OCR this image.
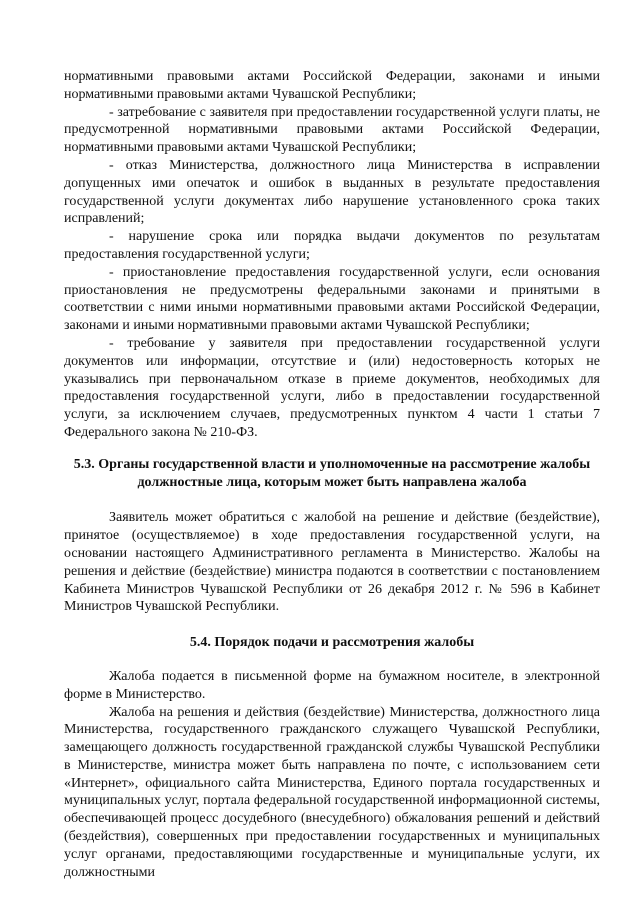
нормативными правовыми актами Российской Федерации, законами и иными нормативными правовыми актами Чувашской Республики;

- затребование с заявителя при предоставлении государственной услуги платы, не предусмотренной нормативными правовыми актами Российской Федерации, нормативными правовыми актами Чувашской Республики;

- отказ Министерства, должностного лица Министерства в исправлении допущенных ими опечаток и ошибок в выданных в результате предоставления государственной услуги документах либо нарушение установленного срока таких исправлений;

- нарушение срока или порядка выдачи документов по результатам предоставления государственной услуги;

- приостановление предоставления государственной услуги, если основания приостановления не предусмотрены федеральными законами и принятыми в соответствии с ними иными нормативными правовыми актами Российской Федерации, законами и иными нормативными правовыми актами Чувашской Республики;

- требование у заявителя при предоставлении государственной услуги документов или информации, отсутствие и (или) недостоверность которых не указывались при первоначальном отказе в приеме документов, необходимых для предоставления государственной услуги, либо в предоставлении государственной услуги, за исключением случаев, предусмотренных пунктом 4 части 1 статьи 7 Федерального закона № 210-ФЗ.

5.3. Органы государственной власти и уполномоченные на рассмотрение жалобы должностные лица, которым может быть направлена жалоба

Заявитель может обратиться с жалобой на решение и действие (бездействие), принятое (осуществляемое) в ходе предоставления государственной услуги, на основании настоящего Административного регламента в Министерство. Жалобы на решения и действие (бездействие) министра подаются в соответствии с постановлением Кабинета Министров Чувашской Республики от 26 декабря 2012 г. № 596 в Кабинет Министров Чувашской Республики.

5.4. Порядок подачи и рассмотрения жалобы

Жалоба подается в письменной форме на бумажном носителе, в электронной форме в Министерство.

Жалоба на решения и действия (бездействие) Министерства, должностного лица Министерства, государственного гражданского служащего Чувашской Республики, замещающего должность государственной гражданской службы Чувашской Республики в Министерстве, министра может быть направлена по почте, с использованием сети «Интернет», официального сайта Министерства, Единого портала государственных и муниципальных услуг, портала федеральной государственной информационной системы, обеспечивающей процесс досудебного (внесудебного) обжалования решений и действий (бездействия), совершенных при предоставлении государственных и муниципальных услуг органами, предоставляющими государственные и муниципальные услуги, их должностными
